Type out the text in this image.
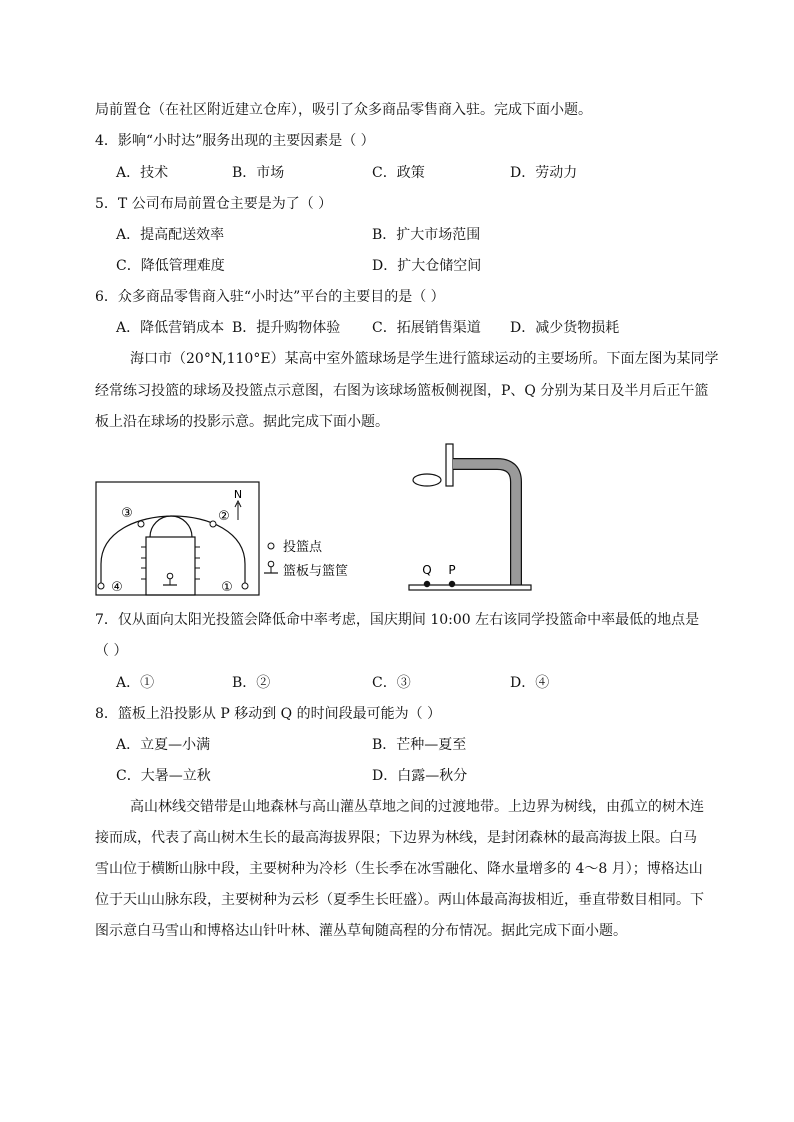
局前置仓（在社区附近建立仓库），吸引了众多商品零售商入驻。完成下面小题。
4．影响“小时达”服务出现的主要因素是（ ）
A．技术	B．市场	C．政策	D．劳动力
5．T 公司布局前置仓主要是为了（ ）
A．提高配送效率	B．扩大市场范围
C．降低管理难度	D．扩大仓储空间
6．众多商品零售商入驻“小时达”平台的主要目的是（ ）
A．降低营销成本 B．提升购物体验 C．拓展销售渠道 D．减少货物损耗
海口市（20°N,110°E）某高中室外篮球场是学生进行篮球运动的主要场所。下面左图为某同学
经常练习投篮的球场及投篮点示意图，右图为该球场篮板侧视图，P、Q 分别为某日及半月后正午篮
板上沿在球场的投影示意。据此完成下面小题。
③	②
④	①
N
投篮点
篮板与篮筐	Q P
7．仅从面向太阳光投篮会降低命中率考虑，国庆期间 10:00 左右该同学投篮命中率最低的地点是
（ ）
A．①	B．②	C．③	D．④
8．篮板上沿投影从 P 移动到 Q 的时间段最可能为（ ）
A．立夏—小满	B．芒种—夏至
C．大暑—立秋	D．白露—秋分
高山林线交错带是山地森林与高山灌丛草地之间的过渡地带。上边界为树线，由孤立的树木连
接而成，代表了高山树木生长的最高海拔界限；下边界为林线，是封闭森林的最高海拔上限。白马
雪山位于横断山脉中段，主要树种为冷杉（生长季在冰雪融化、降水量增多的 4～8 月）；博格达山
位于天山山脉东段，主要树种为云杉（夏季生长旺盛）。两山体最高海拔相近，垂直带数目相同。下
图示意白马雪山和博格达山针叶林、灌丛草甸随高程的分布情况。据此完成下面小题。
